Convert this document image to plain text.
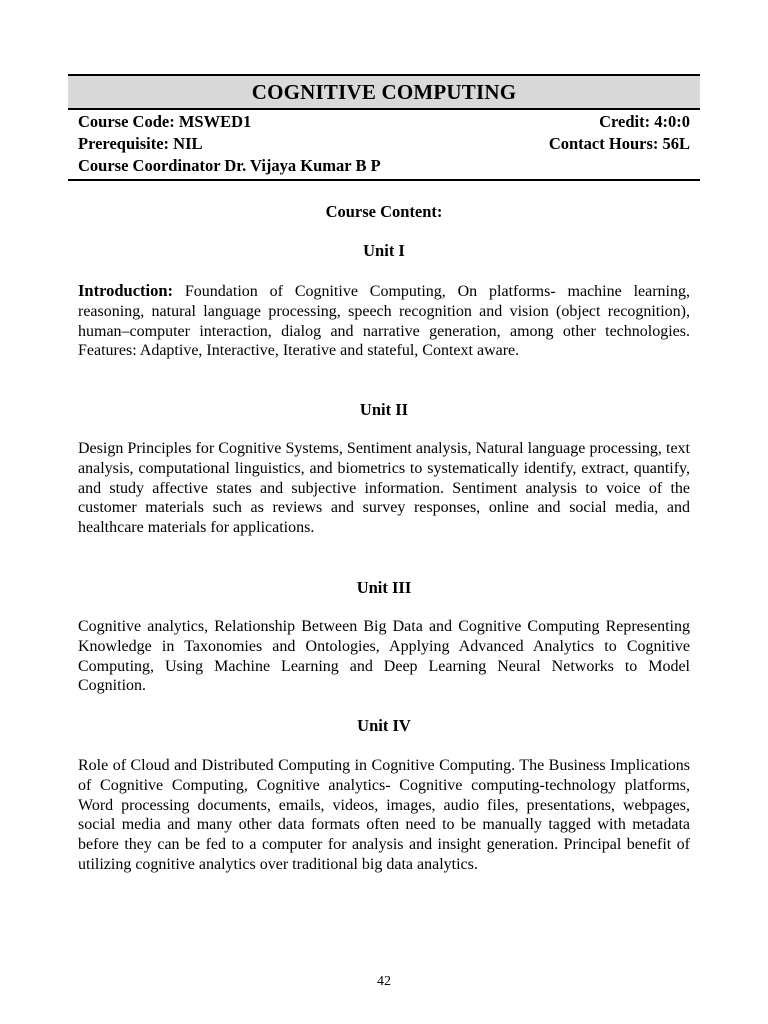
COGNITIVE COMPUTING
Course Code: MSWED1	Credit: 4:0:0
Prerequisite: NIL	Contact Hours: 56L
Course Coordinator Dr. Vijaya Kumar B P
Course Content:
Unit I
Introduction: Foundation of Cognitive Computing, On platforms- machine learning, reasoning, natural language processing, speech recognition and vision (object recognition), human–computer interaction, dialog and narrative generation, among other technologies. Features: Adaptive, Interactive, Iterative and stateful, Context aware.
Unit II
Design Principles for Cognitive Systems, Sentiment analysis, Natural language processing, text analysis, computational linguistics, and biometrics to systematically identify, extract, quantify, and study affective states and subjective information. Sentiment analysis to voice of the customer materials such as reviews and survey responses, online and social media, and healthcare materials for applications.
Unit III
Cognitive analytics, Relationship Between Big Data and Cognitive Computing Representing Knowledge in Taxonomies and Ontologies, Applying Advanced Analytics to Cognitive Computing, Using Machine Learning and Deep Learning Neural Networks to Model Cognition.
Unit IV
Role of Cloud and Distributed Computing in Cognitive Computing. The Business Implications of Cognitive Computing, Cognitive analytics- Cognitive computing-technology platforms, Word processing documents, emails, videos, images, audio files, presentations, webpages, social media and many other data formats often need to be manually tagged with metadata before they can be fed to a computer for analysis and insight generation. Principal benefit of utilizing cognitive analytics over traditional big data analytics.
42
